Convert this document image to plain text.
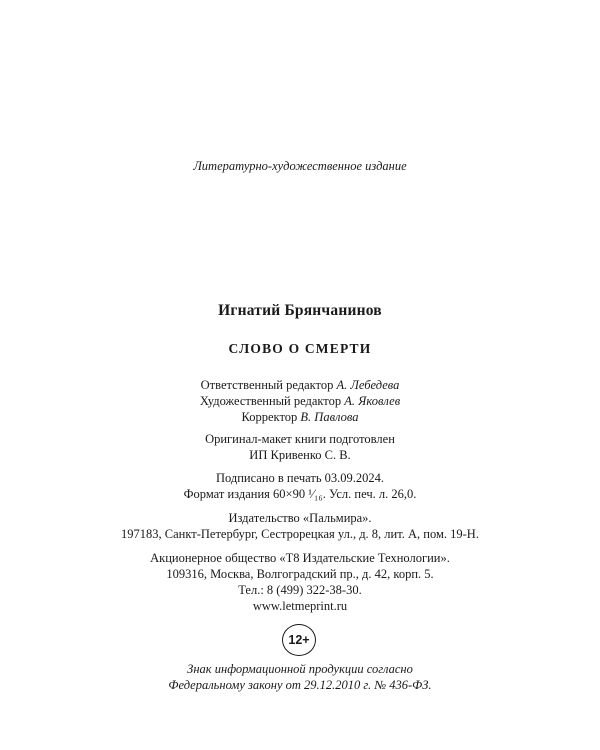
Литературно-художественное издание
Игнатий Брянчанинов
СЛОВО О СМЕРТИ
Ответственный редактор А. Лебедева
Художественный редактор А. Яковлев
Корректор В. Павлова
Оригинал-макет книги подготовлен
ИП Кривенко С. В.
Подписано в печать 03.09.2024.
Формат издания 60×90 ¹⁄₁₆. Усл. печ. л. 26,0.
Издательство «Пальмира».
197183, Санкт-Петербург, Сестрорецкая ул., д. 8, лит. А, пом. 19-Н.
Акционерное общество «Т8 Издательские Технологии».
109316, Москва, Волгоградский пр., д. 42, корп. 5.
Тел.: 8 (499) 322-38-30.
www.letmeprint.ru
12+
Знак информационной продукции согласно
Федеральному закону от 29.12.2010 г. № 436-ФЗ.
